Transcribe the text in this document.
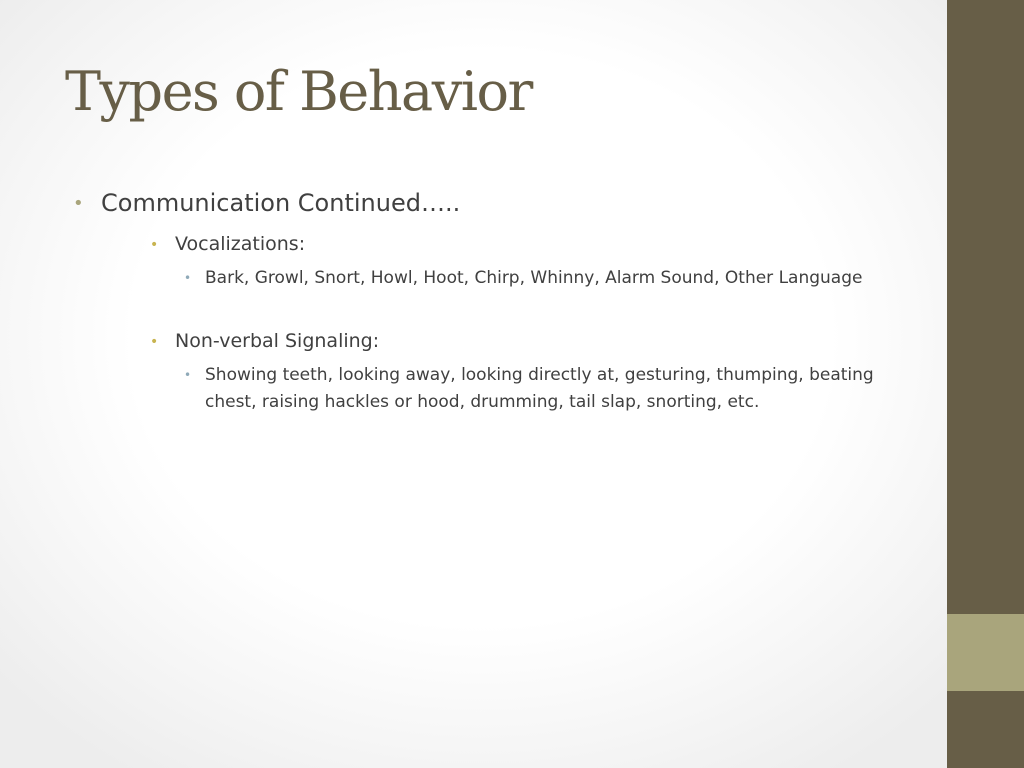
Types of Behavior
• Communication Continued…..
• Vocalizations:
• Bark, Growl, Snort, Howl, Hoot, Chirp, Whinny, Alarm Sound, Other Language
• Non-verbal Signaling:
• Showing teeth, looking away, looking directly at, gesturing, thumping, beating chest, raising hackles or hood, drumming, tail slap, snorting, etc.
